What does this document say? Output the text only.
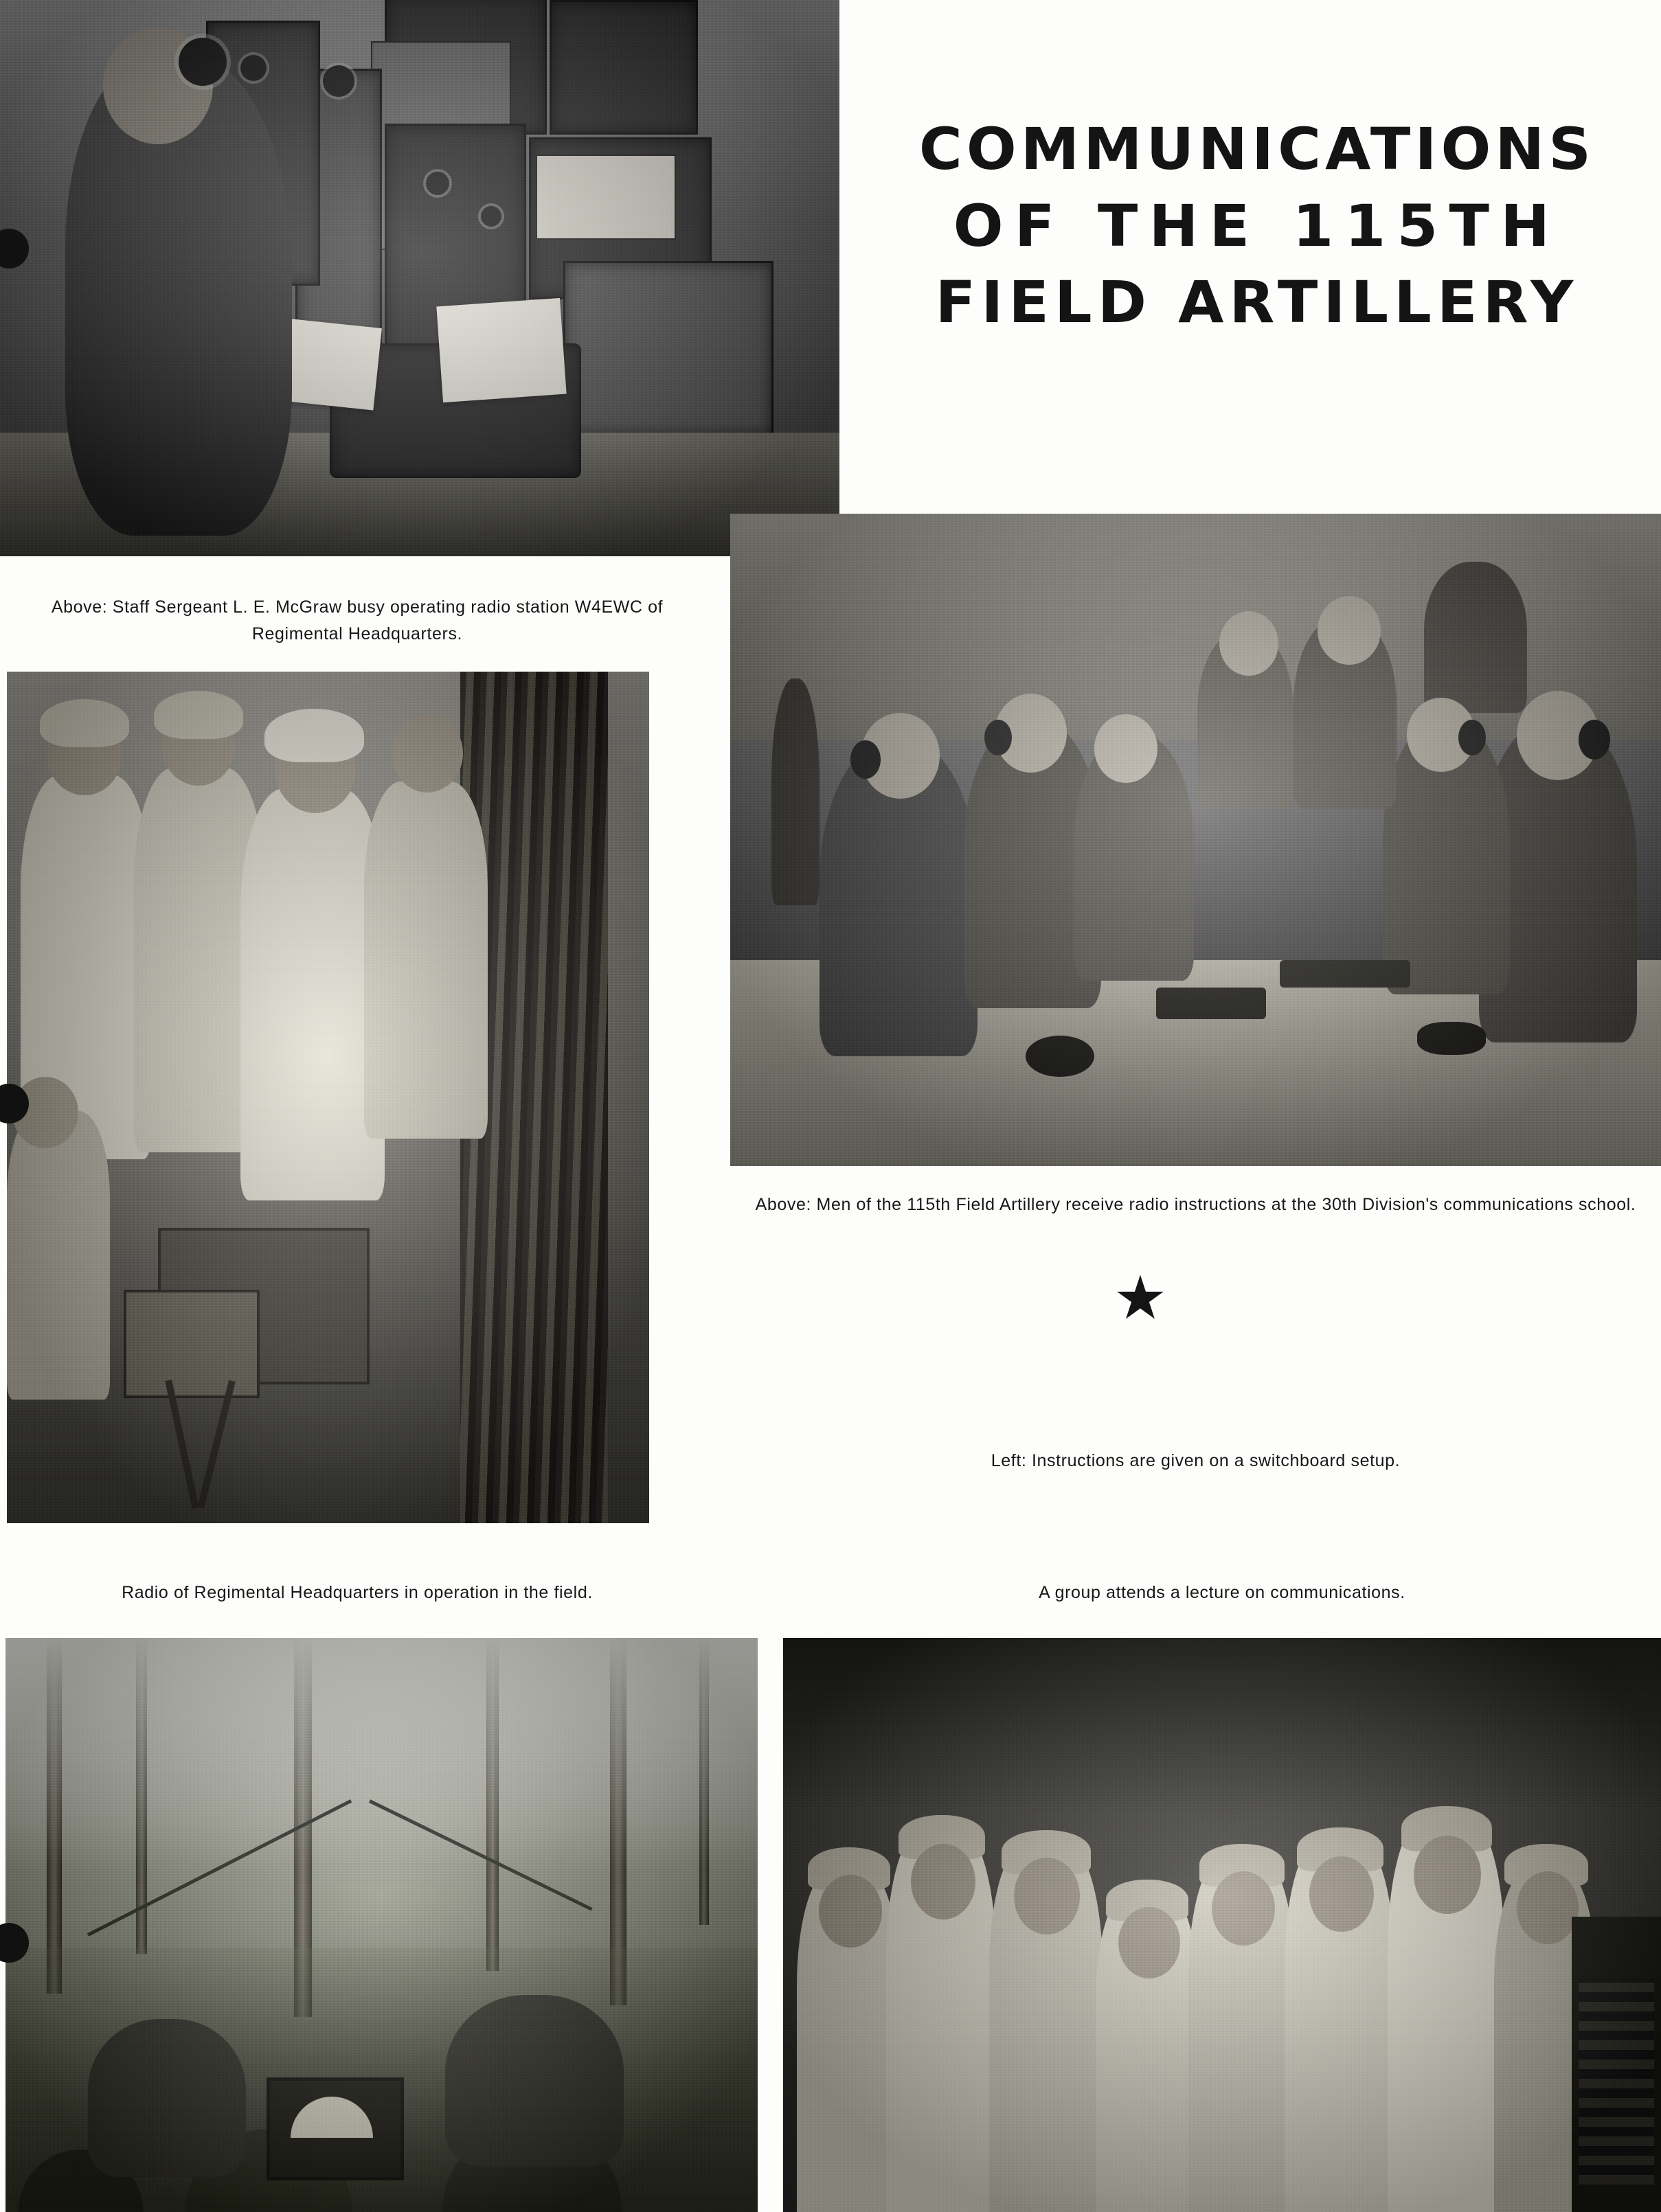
COMMUNICATIONS
OF THE 115TH
FIELD ARTILLERY
Above: Staff Sergeant L. E. McGraw busy operating radio station W4EWC of Regimental Headquarters.
Above: Men of the 115th Field Artillery receive radio instructions at the 30th Division's communications school.
Left: Instructions are given on a switchboard setup.
Radio of Regimental Headquarters in operation in the field.	A group attends a lecture on communications.
★
